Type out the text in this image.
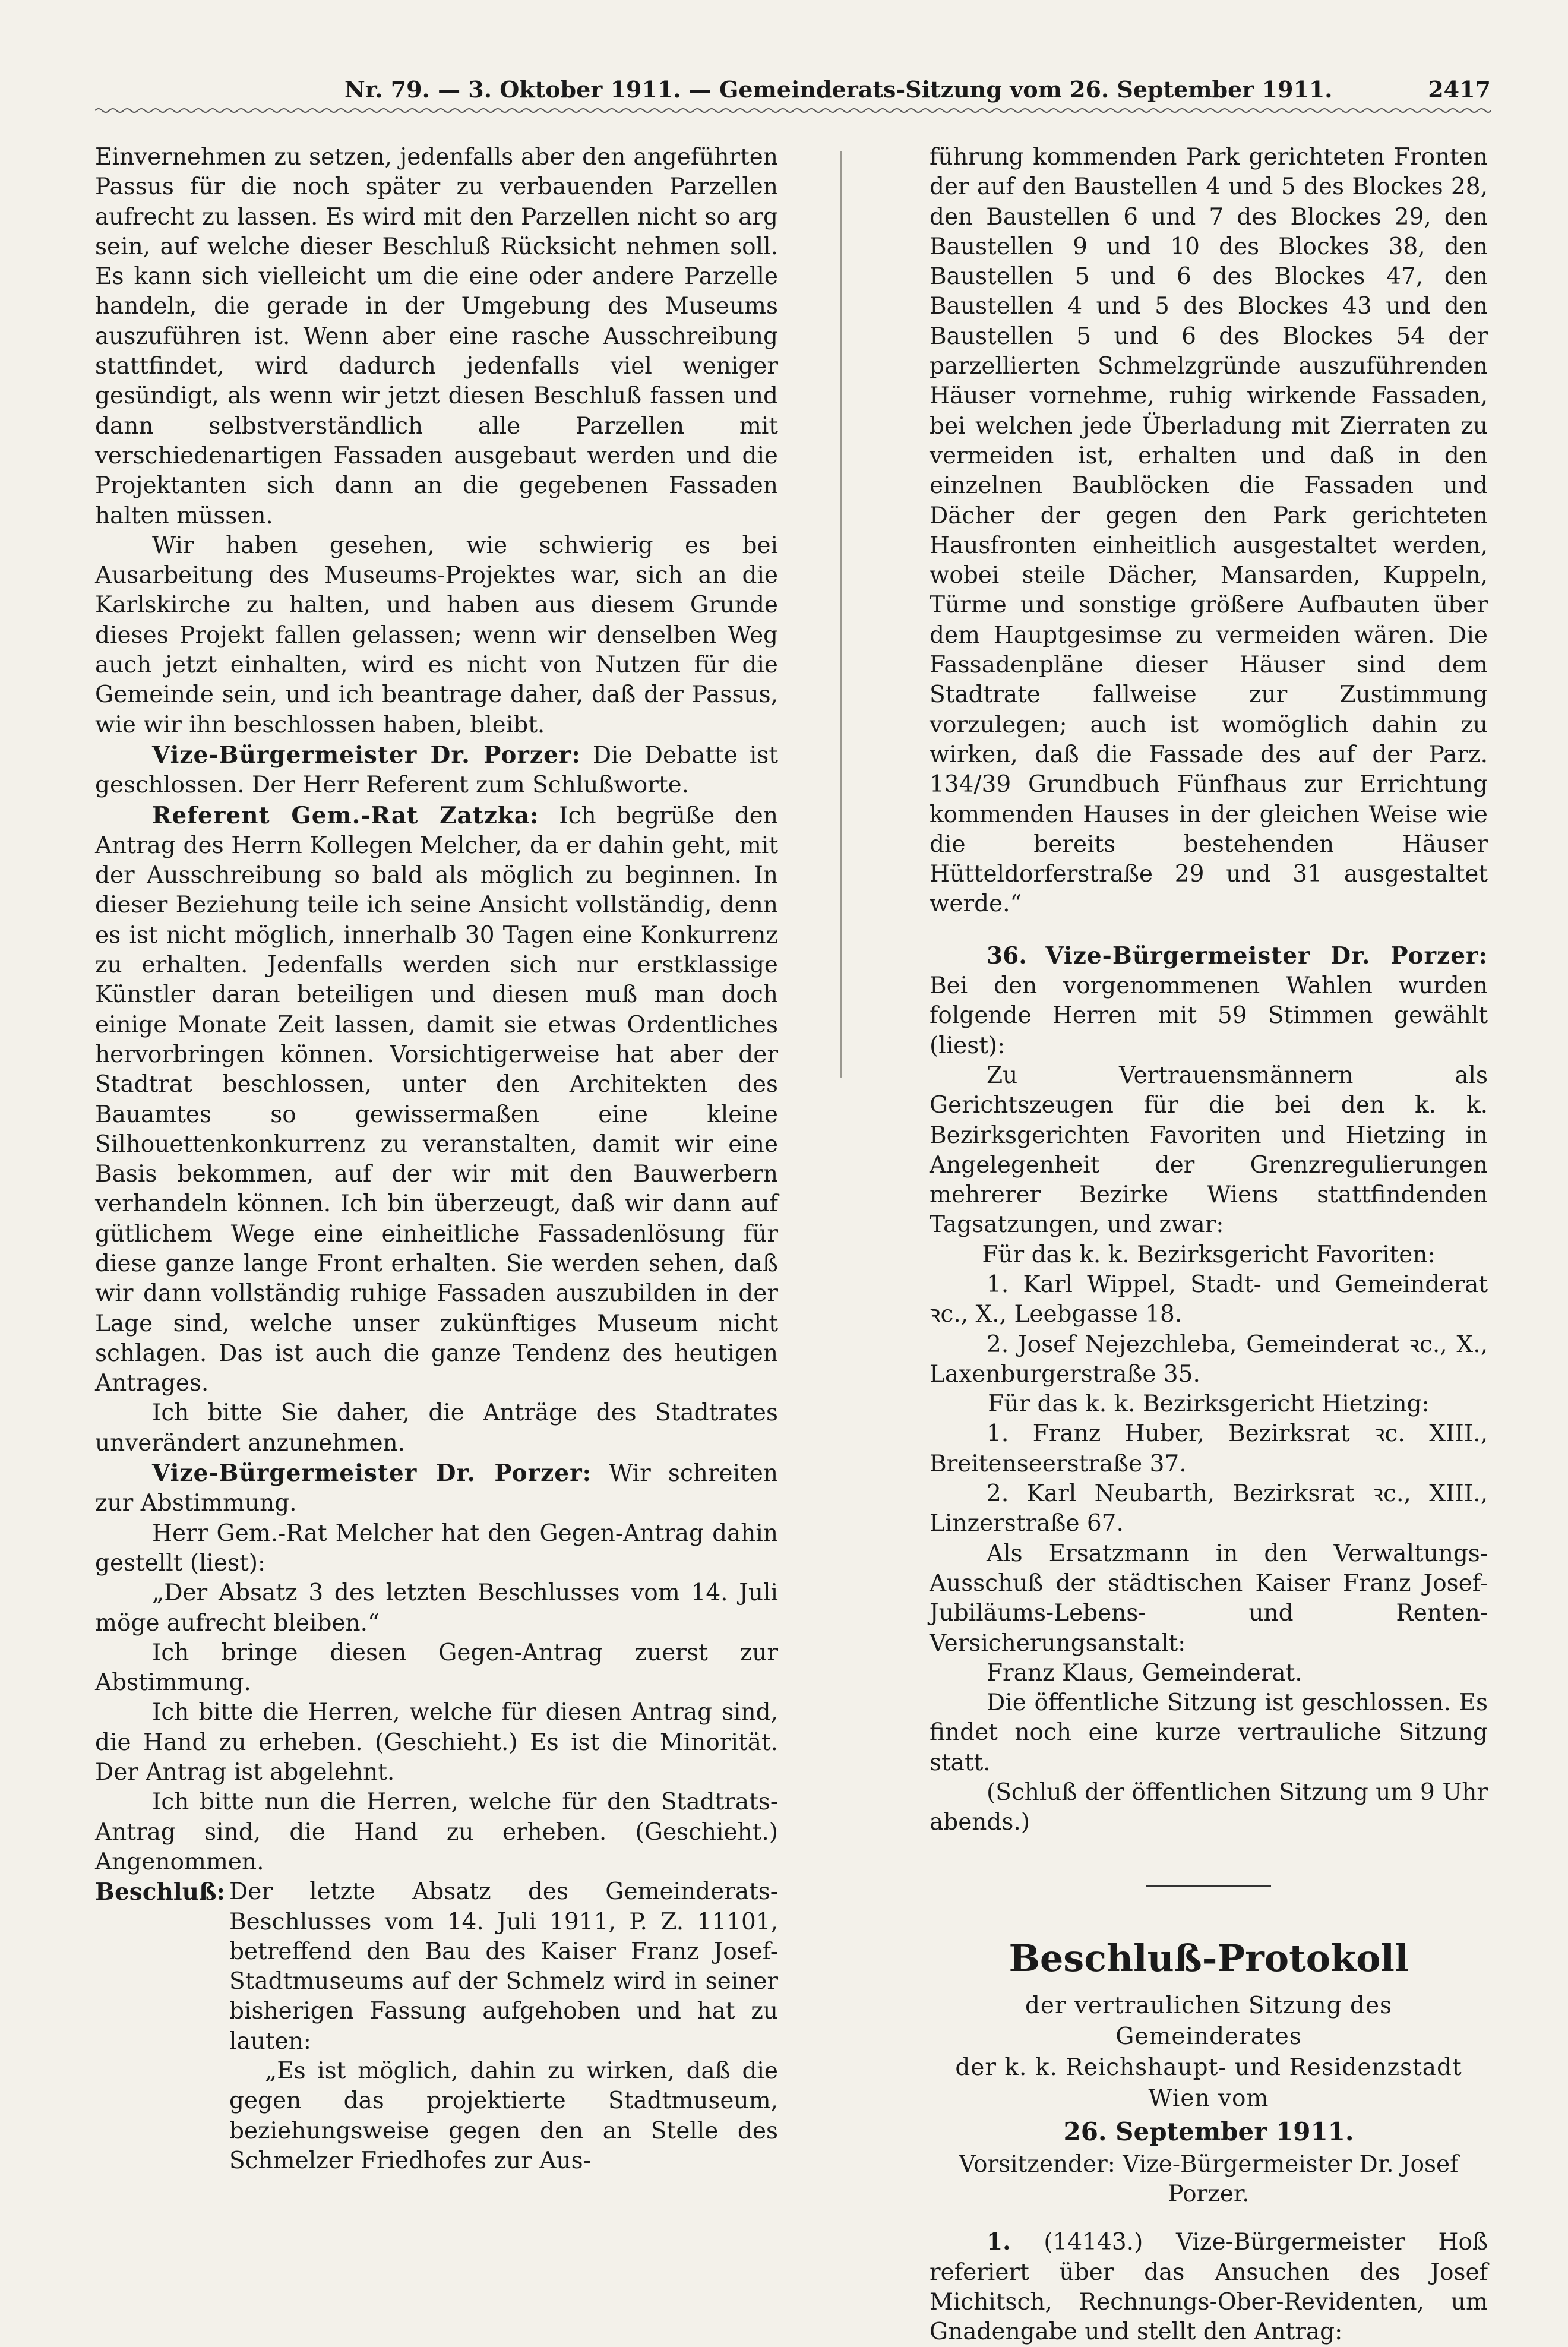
Nr. 79. — 3. Oktober 1911. — Gemeinderats-Sitzung vom 26. September 1911.	2417

Einvernehmen zu setzen, jedenfalls aber den angeführten Passus für die noch später zu verbauenden Parzellen aufrecht zu lassen. Es wird mit den Parzellen nicht so arg sein, auf welche dieser Beschluß Rücksicht nehmen soll. Es kann sich vielleicht um die eine oder andere Parzelle handeln, die gerade in der Umgebung des Museums auszuführen ist. Wenn aber eine rasche Ausschreibung stattfindet, wird dadurch jedenfalls viel weniger gesündigt, als wenn wir jetzt diesen Beschluß fassen und dann selbstverständlich alle Parzellen mit verschiedenartigen Fassaden ausgebaut werden und die Projektanten sich dann an die gegebenen Fassaden halten müssen.

Wir haben gesehen, wie schwierig es bei Ausarbeitung des Museums-Projektes war, sich an die Karlskirche zu halten, und haben aus diesem Grunde dieses Projekt fallen gelassen; wenn wir denselben Weg auch jetzt einhalten, wird es nicht von Nutzen für die Gemeinde sein, und ich beantrage daher, daß der Passus, wie wir ihn beschlossen haben, bleibt.

Vize-Bürgermeister Dr. Porzer: Die Debatte ist geschlossen. Der Herr Referent zum Schlußworte.

Referent Gem.-Rat Zatzka: Ich begrüße den Antrag des Herrn Kollegen Melcher, da er dahin geht, mit der Ausschreibung so bald als möglich zu beginnen. In dieser Beziehung teile ich seine Ansicht vollständig, denn es ist nicht möglich, innerhalb 30 Tagen eine Konkurrenz zu erhalten. Jedenfalls werden sich nur erstklassige Künstler daran beteiligen und diesen muß man doch einige Monate Zeit lassen, damit sie etwas Ordentliches hervorbringen können. Vorsichtigerweise hat aber der Stadtrat beschlossen, unter den Architekten des Bauamtes so gewissermaßen eine kleine Silhouettenkonkurrenz zu veranstalten, damit wir eine Basis bekommen, auf der wir mit den Bauwerbern verhandeln können. Ich bin überzeugt, daß wir dann auf gütlichem Wege eine einheitliche Fassadenlösung für diese ganze lange Front erhalten. Sie werden sehen, daß wir dann vollständig ruhige Fassaden auszubilden in der Lage sind, welche unser zukünftiges Museum nicht schlagen. Das ist auch die ganze Tendenz des heutigen Antrages.

Ich bitte Sie daher, die Anträge des Stadtrates unverändert anzunehmen.

Vize-Bürgermeister Dr. Porzer: Wir schreiten zur Abstimmung.

Herr Gem.-Rat Melcher hat den Gegen-Antrag dahin gestellt (liest):

„Der Absatz 3 des letzten Beschlusses vom 14. Juli möge aufrecht bleiben.“

Ich bringe diesen Gegen-Antrag zuerst zur Abstimmung.

Ich bitte die Herren, welche für diesen Antrag sind, die Hand zu erheben. (Geschieht.) Es ist die Minorität. Der Antrag ist abgelehnt.

Ich bitte nun die Herren, welche für den Stadtrats-Antrag sind, die Hand zu erheben. (Geschieht.) Angenommen.

Beschluß: Der letzte Absatz des Gemeinderats-Beschlusses vom 14. Juli 1911, P. Z. 11101, betreffend den Bau des Kaiser Franz Josef-Stadtmuseums auf der Schmelz wird in seiner bisherigen Fassung aufgehoben und hat zu lauten:

„Es ist möglich, dahin zu wirken, daß die gegen das projektierte Stadtmuseum, beziehungsweise gegen den an Stelle des Schmelzer Friedhofes zur Aus-

führung kommenden Park gerichteten Fronten der auf den Baustellen 4 und 5 des Blockes 28, den Baustellen 6 und 7 des Blockes 29, den Baustellen 9 und 10 des Blockes 38, den Baustellen 5 und 6 des Blockes 47, den Baustellen 4 und 5 des Blockes 43 und den Baustellen 5 und 6 des Blockes 54 der parzellierten Schmelzgründe auszuführenden Häuser vornehme, ruhig wirkende Fassaden, bei welchen jede Überladung mit Zierraten zu vermeiden ist, erhalten und daß in den einzelnen Baublöcken die Fassaden und Dächer der gegen den Park gerichteten Hausfronten einheitlich ausgestaltet werden, wobei steile Dächer, Mansarden, Kuppeln, Türme und sonstige größere Aufbauten über dem Hauptgesimse zu vermeiden wären. Die Fassadenpläne dieser Häuser sind dem Stadtrate fallweise zur Zustimmung vorzulegen; auch ist womöglich dahin zu wirken, daß die Fassade des auf der Parz. 134/39 Grundbuch Fünfhaus zur Errichtung kommenden Hauses in der gleichen Weise wie die bereits bestehenden Häuser Hütteldorferstraße 29 und 31 ausgestaltet werde.“

36. Vize-Bürgermeister Dr. Porzer: Bei den vorgenommenen Wahlen wurden folgende Herren mit 59 Stimmen gewählt (liest):

Zu Vertrauensmännern als Gerichtszeugen für die bei den k. k. Bezirksgerichten Favoriten und Hietzing in Angelegenheit der Grenzregulierungen mehrerer Bezirke Wiens stattfindenden Tagsatzungen, und zwar:

Für das k. k. Bezirksgericht Favoriten:

1. Karl Wippel, Stadt- und Gemeinderat ꝛc., X., Leebgasse 18.

2. Josef Nejezchleba, Gemeinderat ꝛc., X., Laxenburgerstraße 35.

Für das k. k. Bezirksgericht Hietzing:

1. Franz Huber, Bezirksrat ꝛc. XIII., Breitenseerstraße 37.

2. Karl Neubarth, Bezirksrat ꝛc., XIII., Linzerstraße 67.

Als Ersatzmann in den Verwaltungs-Ausschuß der städtischen Kaiser Franz Josef-Jubiläums-Lebens- und Renten-Versicherungsanstalt:

Franz Klaus, Gemeinderat.

Die öffentliche Sitzung ist geschlossen. Es findet noch eine kurze vertrauliche Sitzung statt.

(Schluß der öffentlichen Sitzung um 9 Uhr abends.)

Beschluß-Protokoll
der vertraulichen Sitzung des Gemeinderates
der k. k. Reichshaupt- und Residenzstadt Wien vom
26. September 1911.

Vorsitzender: Vize-Bürgermeister Dr. Josef Porzer.

1. (14143.) Vize-Bürgermeister Hoß referiert über das Ansuchen des Josef Michitsch, Rechnungs-Ober-Revidenten, um Gnadengabe und stellt den Antrag:
